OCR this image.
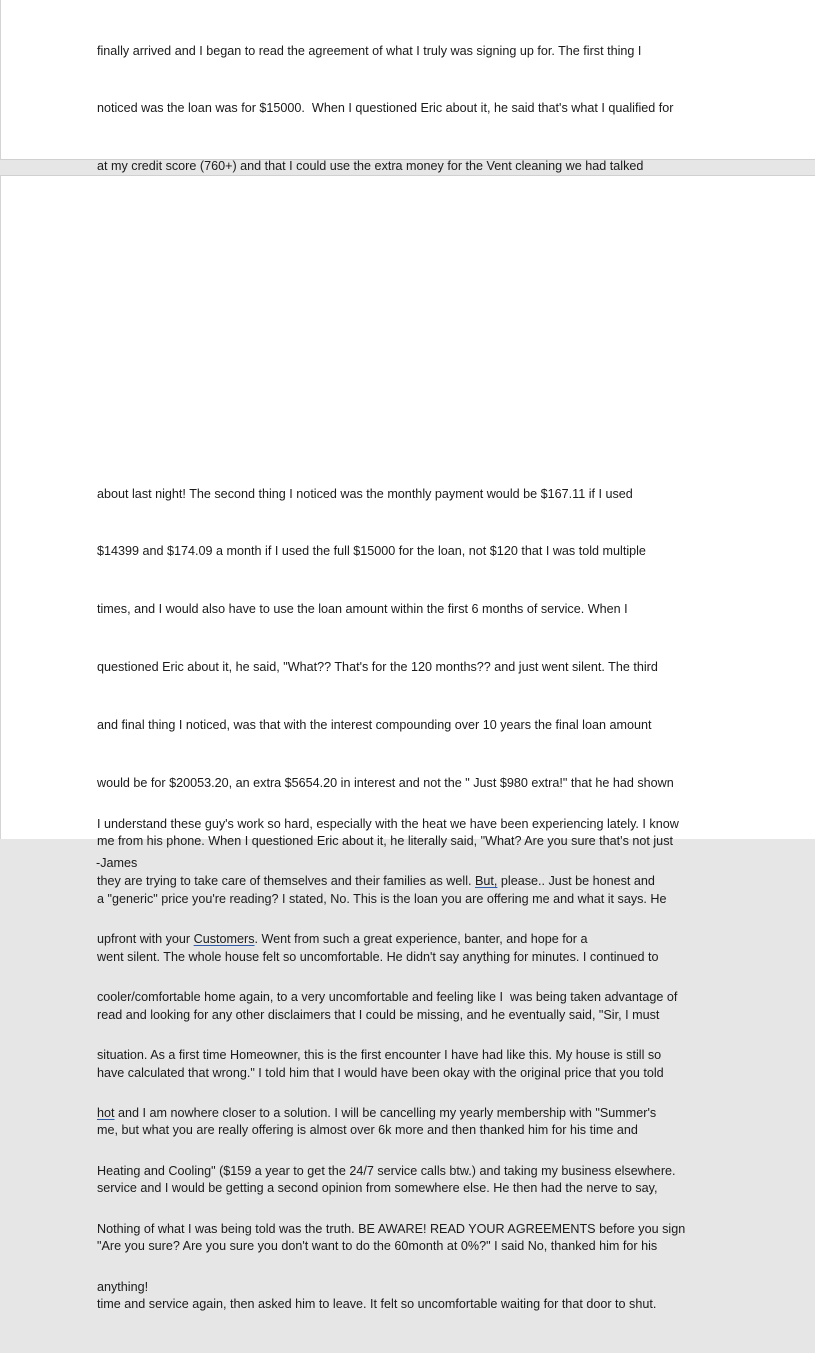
finally arrived and I began to read the agreement of what I truly was signing up for. The first thing I

noticed was the loan was for $15000.  When I questioned Eric about it, he said that's what I qualified for

at my credit score (760+) and that I could use the extra money for the Vent cleaning we had talked

about last night! The second thing I noticed was the monthly payment would be $167.11 if I used

$14399 and $174.09 a month if I used the full $15000 for the loan, not $120 that I was told multiple

times, and I would also have to use the loan amount within the first 6 months of service. When I

questioned Eric about it, he said, "What?? That's for the 120 months?? and just went silent. The third

and final thing I noticed, was that with the interest compounding over 10 years the final loan amount

would be for $20053.20, an extra $5654.20 in interest and not the " Just $980 extra!" that he had shown

me from his phone. When I questioned Eric about it, he literally said, "What? Are you sure that's not just

a "generic" price you're reading? I stated, No. This is the loan you are offering me and what it says. He

went silent. The whole house felt so uncomfortable. He didn't say anything for minutes. I continued to

read and looking for any other disclaimers that I could be missing, and he eventually said, "Sir, I must

have calculated that wrong." I told him that I would have been okay with the original price that you told

me, but what you are really offering is almost over 6k more and then thanked him for his time and

service and I would be getting a second opinion from somewhere else. He then had the nerve to say,

"Are you sure? Are you sure you don't want to do the 60month at 0%?" I said No, thanked him for his

time and service again, then asked him to leave. It felt so uncomfortable waiting for that door to shut.

I understand these guy's work so hard, especially with the heat we have been experiencing lately. I know

they are trying to take care of themselves and their families as well. But, please.. Just be honest and

upfront with your Customers. Went from such a great experience, banter, and hope for a

cooler/comfortable home again, to a very uncomfortable and feeling like I  was being taken advantage of

situation. As a first time Homeowner, this is the first encounter I have had like this. My house is still so

hot and I am nowhere closer to a solution. I will be cancelling my yearly membership with "Summer's

Heating and Cooling" ($159 a year to get the 24/7 service calls btw.) and taking my business elsewhere.

Nothing of what I was being told was the truth. BE AWARE! READ YOUR AGREEMENTS before you sign

anything!

-James
